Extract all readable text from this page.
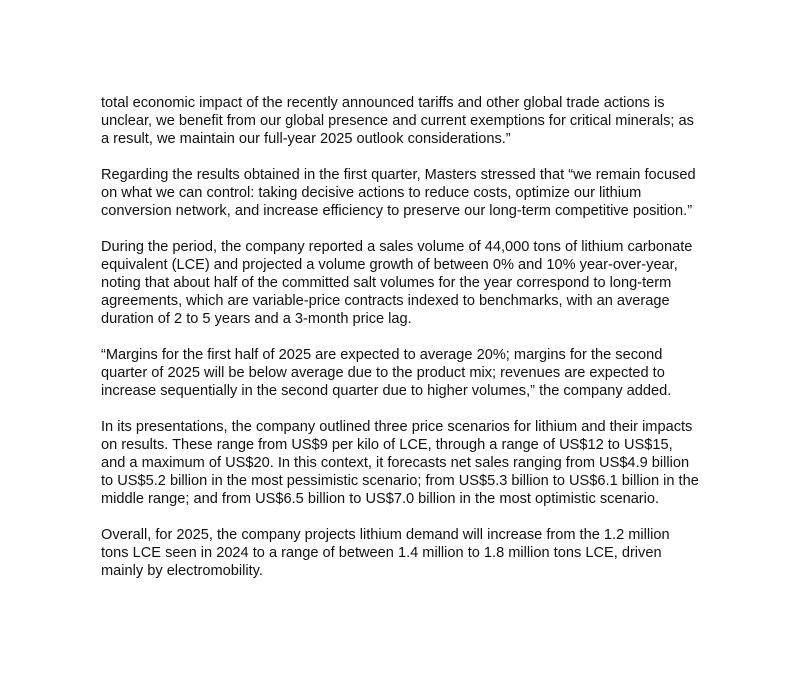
total economic impact of the recently announced tariffs and other global trade actions is unclear, we benefit from our global presence and current exemptions for critical minerals; as a result, we maintain our full-year 2025 outlook considerations.”

Regarding the results obtained in the first quarter, Masters stressed that “we remain focused on what we can control: taking decisive actions to reduce costs, optimize our lithium conversion network, and increase efficiency to preserve our long-term competitive position.”

During the period, the company reported a sales volume of 44,000 tons of lithium carbonate equivalent (LCE) and projected a volume growth of between 0% and 10% year-over-year, noting that about half of the committed salt volumes for the year correspond to long-term agreements, which are variable-price contracts indexed to benchmarks, with an average duration of 2 to 5 years and a 3-month price lag.

“Margins for the first half of 2025 are expected to average 20%; margins for the second quarter of 2025 will be below average due to the product mix; revenues are expected to increase sequentially in the second quarter due to higher volumes,” the company added.

In its presentations, the company outlined three price scenarios for lithium and their impacts on results. These range from US$9 per kilo of LCE, through a range of US$12 to US$15, and a maximum of US$20. In this context, it forecasts net sales ranging from US$4.9 billion to US$5.2 billion in the most pessimistic scenario; from US$5.3 billion to US$6.1 billion in the middle range; and from US$6.5 billion to US$7.0 billion in the most optimistic scenario.

Overall, for 2025, the company projects lithium demand will increase from the 1.2 million tons LCE seen in 2024 to a range of between 1.4 million to 1.8 million tons LCE, driven mainly by electromobility.
